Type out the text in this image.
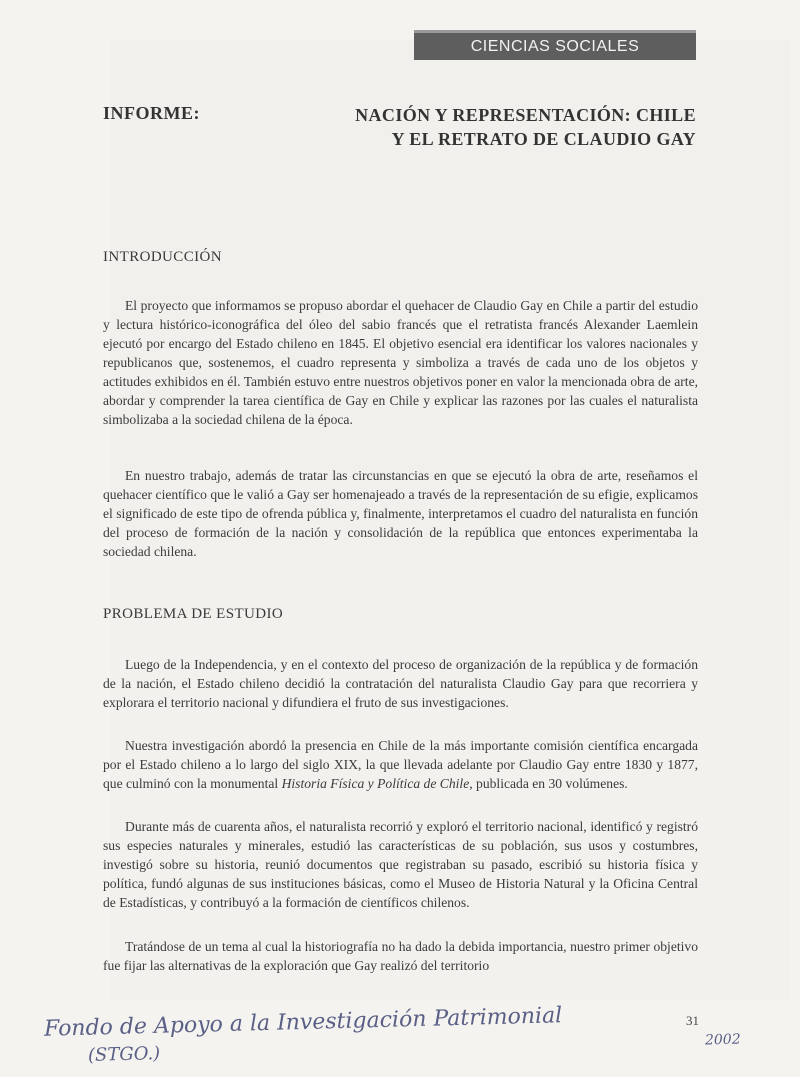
CIENCIAS SOCIALES
INFORME:	NACIÓN Y REPRESENTACIÓN: CHILE
Y EL RETRATO DE CLAUDIO GAY
INTRODUCCIÓN

El proyecto que informamos se propuso abordar el quehacer de Claudio Gay en Chile a partir del estudio y lectura histórico-iconográfica del óleo del sabio francés que el retratista francés Alexander Laemlein ejecutó por encargo del Estado chileno en 1845. El objetivo esencial era identificar los valores nacionales y republicanos que, sostenemos, el cuadro representa y simboliza a través de cada uno de los objetos y actitudes exhibidos en él. También estuvo entre nuestros objetivos poner en valor la mencionada obra de arte, abordar y comprender la tarea científica de Gay en Chile y explicar las razones por las cuales el naturalista simbolizaba a la sociedad chilena de la época.

En nuestro trabajo, además de tratar las circunstancias en que se ejecutó la obra de arte, reseñamos el quehacer científico que le valió a Gay ser homenajeado a través de la representación de su efigie, explicamos el significado de este tipo de ofrenda pública y, finalmente, interpretamos el cuadro del naturalista en función del proceso de formación de la nación y consolidación de la república que entonces experimentaba la sociedad chilena.

PROBLEMA DE ESTUDIO

Luego de la Independencia, y en el contexto del proceso de organización de la república y de formación de la nación, el Estado chileno decidió la contratación del naturalista Claudio Gay para que recorriera y explorara el territorio nacional y difundiera el fruto de sus investigaciones.

Nuestra investigación abordó la presencia en Chile de la más importante comisión científica encargada por el Estado chileno a lo largo del siglo XIX, la que llevada adelante por Claudio Gay entre 1830 y 1877, que culminó con la monumental Historia Física y Política de Chile, publicada en 30 volúmenes.

Durante más de cuarenta años, el naturalista recorrió y exploró el territorio nacional, identificó y registró sus especies naturales y minerales, estudió las características de su población, sus usos y costumbres, investigó sobre su historia, reunió documentos que registraban su pasado, escribió su historia física y política, fundó algunas de sus instituciones básicas, como el Museo de Historia Natural y la Oficina Central de Estadísticas, y contribuyó a la formación de científicos chilenos.

Tratándose de un tema al cual la historiografía no ha dado la debida importancia, nuestro primer objetivo fue fijar las alternativas de la exploración que Gay realizó del territorio

Fondo de Apoyo a la Investigación Patrimonial
(STGO.)
2002
31
